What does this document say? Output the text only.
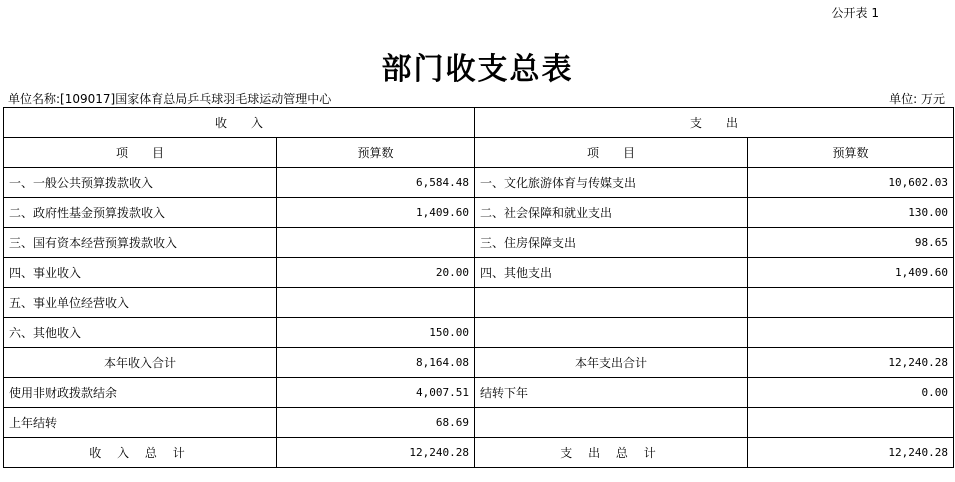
公开表 1
部门收支总表
单位名称:[109017]国家体育总局乒乓球羽毛球运动管理中心	单位: 万元
收　　入		支　　出	
项　　目	预算数	项　　目	预算数
一、一般公共预算拨款收入	6,584.48	一、文化旅游体育与传媒支出	10,602.03
二、政府性基金预算拨款收入	1,409.60	二、社会保障和就业支出	130.00
三、国有资本经营预算拨款收入		三、住房保障支出	98.65
四、事业收入	20.00	四、其他支出	1,409.60
五、事业单位经营收入			
六、其他收入	150.00		
本年收入合计	8,164.08	本年支出合计	12,240.28
使用非财政拨款结余	4,007.51	结转下年	0.00
上年结转	68.69		
收 入 总 计	12,240.28	支 出 总 计	12,240.28
